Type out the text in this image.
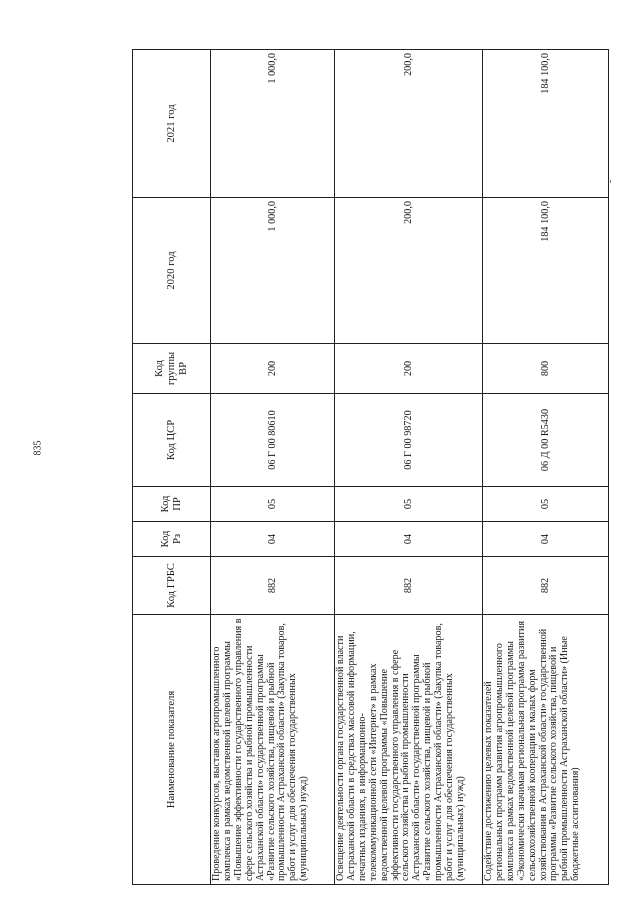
835
Наименование показателя	Код ГРБС	Код Рз	Код ПР	Код ЦСР	Код группы ВР	2020 год	2021 год
Проведение конкурсов, выставок агропромышленного комплекса в рамках ведомственной целевой программы «Повышение эффективности государственного управления в сфере сельского хозяйства и рыбной промышленности Астраханской области» государственной программы «Развитие сельского хозяйства, пищевой и рыбной промышленности Астраханской области» (Закупка товаров, работ и услуг для обеспечения государственных (муниципальных) нужд)	882	04	05	06 Г 00 80610	200	1 000,0	1 000,0
Освещение деятельности органа государственной власти Астраханской области в средствах массовой информации, печатных изданиях, в информационно-телекоммуникационной сети «Интернет» в рамках ведомственной целевой программы «Повышение эффективности государственного управления в сфере сельского хозяйства и рыбной промышленности Астраханской области» государственной программы «Развитие сельского хозяйства, пищевой и рыбной промышленности Астраханской области» (Закупка товаров, работ и услуг для обеспечения государственных (муниципальных) нужд)	882	04	05	06 Г 00 98720	200	200,0	200,0
Содействие достижению целевых показателей региональных программ развития агропромышленного комплекса в рамках ведомственной целевой программы «Экономически значимая региональная программа развития сельскохозяйственной кооперации и малых форм хозяйствования в Астраханской области» государственной программы «Развитие сельского хозяйства, пищевой и рыбной промышленности Астраханской области» (Иные бюджетные ассигнования)	882	04	05	06 Д 00 R5430	800	184 100,0	184 100,0
